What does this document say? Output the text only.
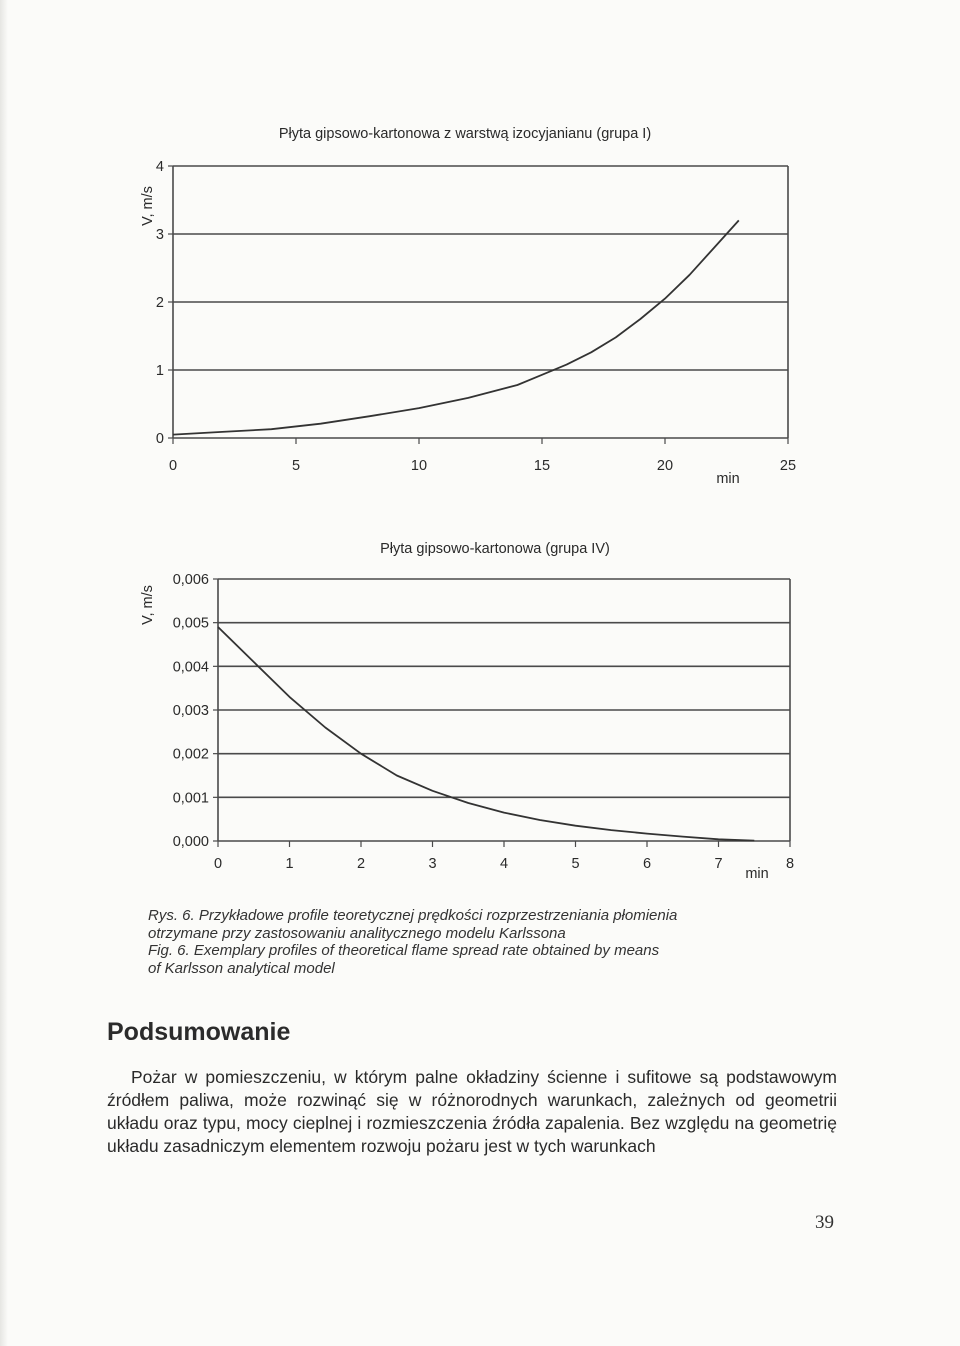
Płyta gipsowo-kartonowa z warstwą izocyjanianu (grupa I)
0
1
2
3
4
0	5	10	15	20	25
min
V, m/s
Płyta gipsowo-kartonowa (grupa IV)
0,000
0,001
0,002
0,003
0,004
0,005
0,006
0	1	2	3	4	5	6	7	8
min
V, m/s

Rys. 6. Przykładowe profile teoretycznej prędkości rozprzestrzeniania płomienia

otrzymane przy zastosowaniu analitycznego modelu Karlssona

Fig. 6. Exemplary profiles of theoretical flame spread rate obtained by means

of Karlsson analytical model

Podsumowanie

Pożar w pomieszczeniu, w którym palne okładziny ścienne i sufitowe są podstawowym źródłem paliwa, może rozwinąć się w różnorodnych warunkach, zależnych od geometrii układu oraz typu, mocy cieplnej i rozmieszczenia źródła zapalenia. Bez względu na geometrię układu zasadniczym elementem rozwoju pożaru jest w tych warunkach

39
